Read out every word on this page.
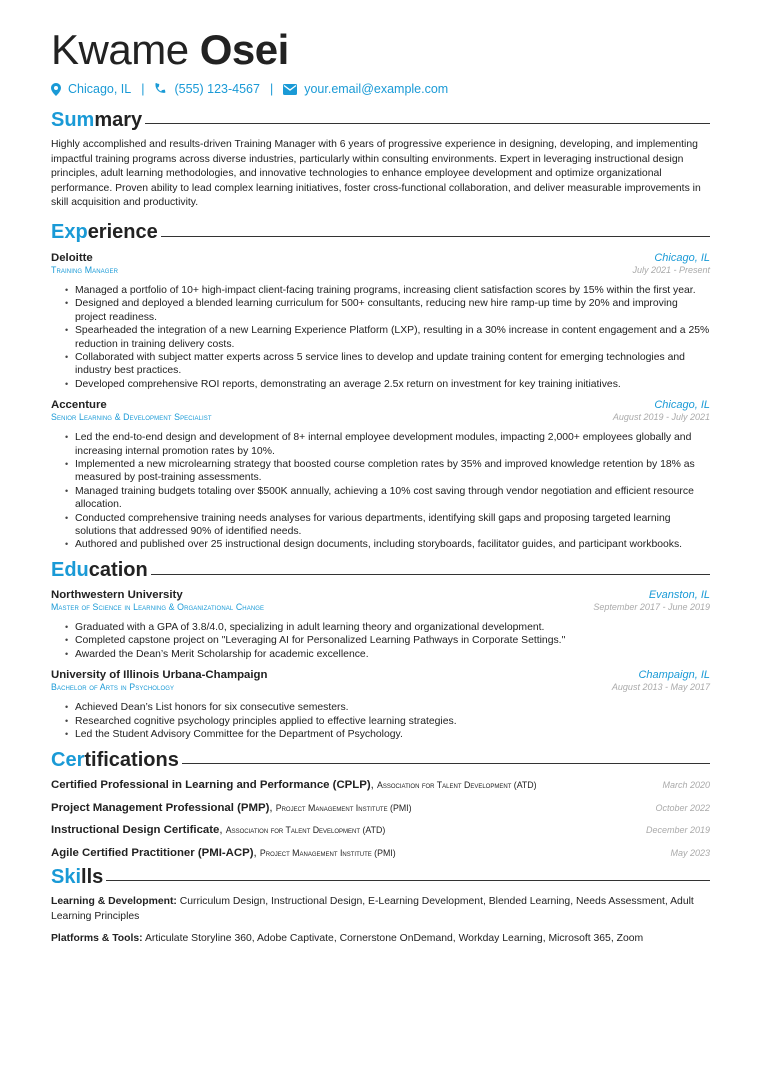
Kwame Osei
Chicago, IL | (555) 123-4567 | your.email@example.com
Summary
Highly accomplished and results-driven Training Manager with 6 years of progressive experience in designing, developing, and implementing impactful training programs across diverse industries, particularly within consulting environments. Expert in leveraging instructional design principles, adult learning methodologies, and innovative technologies to enhance employee development and optimize organizational performance. Proven ability to lead complex learning initiatives, foster cross-functional collaboration, and deliver measurable improvements in skill acquisition and productivity.
Experience
Deloitte	Chicago, IL
Training Manager	July 2021 - Present
• Managed a portfolio of 10+ high-impact client-facing training programs, increasing client satisfaction scores by 15% within the first year.
• Designed and deployed a blended learning curriculum for 500+ consultants, reducing new hire ramp-up time by 20% and improving project readiness.
• Spearheaded the integration of a new Learning Experience Platform (LXP), resulting in a 30% increase in content engagement and a 25% reduction in training delivery costs.
• Collaborated with subject matter experts across 5 service lines to develop and update training content for emerging technologies and industry best practices.
• Developed comprehensive ROI reports, demonstrating an average 2.5x return on investment for key training initiatives.
Accenture	Chicago, IL
Senior Learning & Development Specialist	August 2019 - July 2021
• Led the end-to-end design and development of 8+ internal employee development modules, impacting 2,000+ employees globally and increasing internal promotion rates by 10%.
• Implemented a new microlearning strategy that boosted course completion rates by 35% and improved knowledge retention by 18% as measured by post-training assessments.
• Managed training budgets totaling over $500K annually, achieving a 10% cost saving through vendor negotiation and efficient resource allocation.
• Conducted comprehensive training needs analyses for various departments, identifying skill gaps and proposing targeted learning solutions that addressed 90% of identified needs.
• Authored and published over 25 instructional design documents, including storyboards, facilitator guides, and participant workbooks.
Education
Northwestern University	Evanston, IL
Master of Science in Learning & Organizational Change	September 2017 - June 2019
• Graduated with a GPA of 3.8/4.0, specializing in adult learning theory and organizational development.
• Completed capstone project on "Leveraging AI for Personalized Learning Pathways in Corporate Settings."
• Awarded the Dean’s Merit Scholarship for academic excellence.
University of Illinois Urbana-Champaign	Champaign, IL
Bachelor of Arts in Psychology	August 2013 - May 2017
• Achieved Dean’s List honors for six consecutive semesters.
• Researched cognitive psychology principles applied to effective learning strategies.
• Led the Student Advisory Committee for the Department of Psychology.
Certifications
Certified Professional in Learning and Performance (CPLP), Association for Talent Development (ATD)	March 2020
Project Management Professional (PMP), Project Management Institute (PMI)	October 2022
Instructional Design Certificate, Association for Talent Development (ATD)	December 2019
Agile Certified Practitioner (PMI-ACP), Project Management Institute (PMI)	May 2023
Skills
Learning & Development: Curriculum Design, Instructional Design, E-Learning Development, Blended Learning, Needs Assessment, Adult Learning Principles
Platforms & Tools: Articulate Storyline 360, Adobe Captivate, Cornerstone OnDemand, Workday Learning, Microsoft 365, Zoom
